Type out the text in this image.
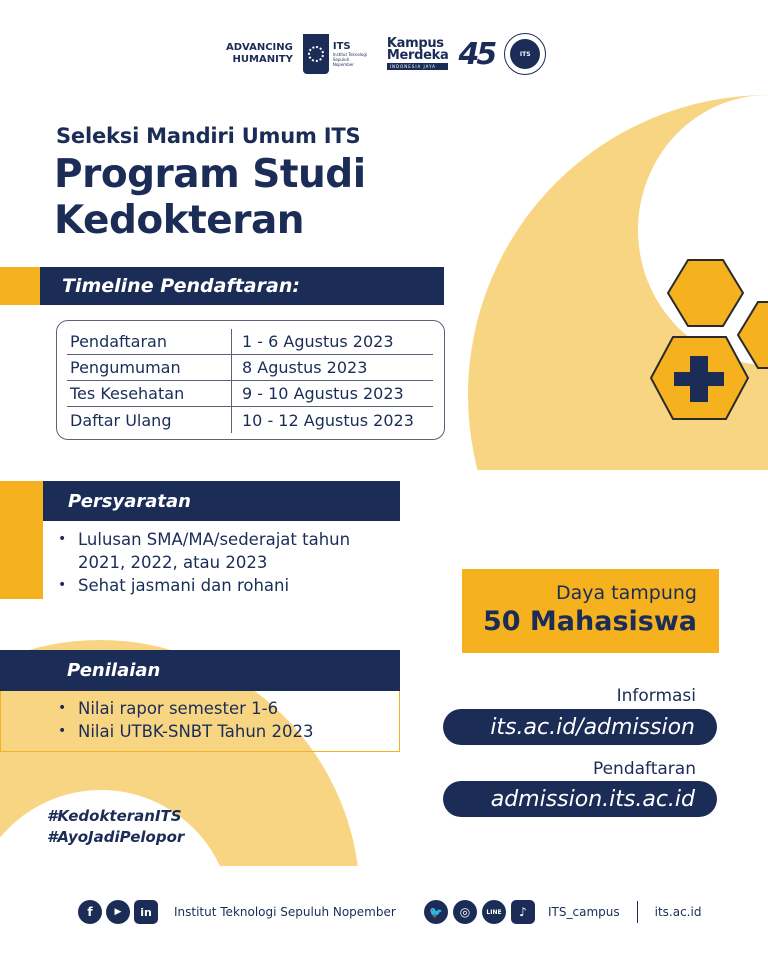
ADVANCING
HUMANITY
ITS
Institut Teknologi Sepuluh Nopember
Kampus
Merdeka
INDONESIA JAYA 45	ITS
Seleksi Mandiri Umum ITS
Program Studi
Kedokteran
Timeline Pendaftaran:
Pendaftaran	1 - 6 Agustus 2023
Pengumuman	8 Agustus 2023
Tes Kesehatan	9 - 10 Agustus 2023
Daftar Ulang	10 - 12 Agustus 2023
Persyaratan
• Lulusan SMA/MA/sederajat tahun 2021, 2022, atau 2023
• Sehat jasmani dan rohani
Penilaian
• Nilai rapor semester 1-6
• Nilai UTBK-SNBT Tahun 2023
#KedokteranITS
#AyoJadiPelopor
Daya tampung
50 Mahasiswa
Informasi
its.ac.id/admission
Pendaftaran
admission.its.ac.id
f	▶	in	Institut Teknologi Sepuluh Nopember	🐦	◎	LINE	♪	ITS_campus	its.ac.id
